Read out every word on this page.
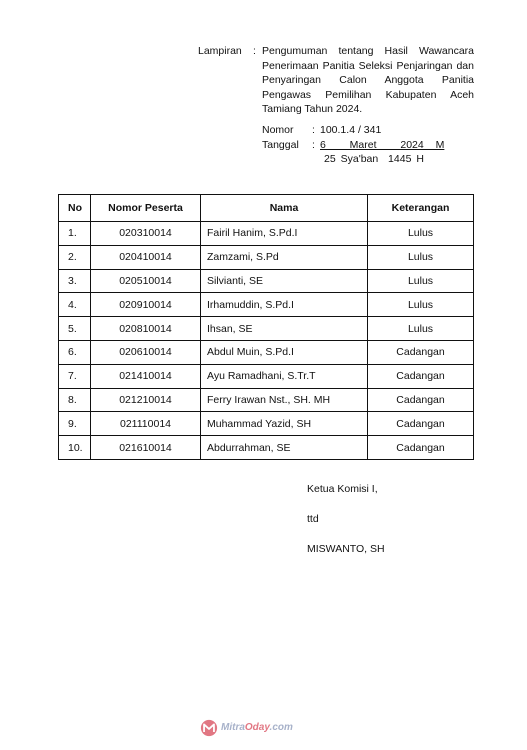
Lampiran	: Pengumuman tentang Hasil Wawancara Penerimaan Panitia Seleksi Penjaringan dan Penyaringan Calon Anggota Panitia Pengawas Pemilihan Kabupaten Aceh Tamiang Tahun 2024.
Nomor	: 100.1.4 / 341
Tanggal	: 6  Maret  2024 M
25 Sya'ban  1445 H
No	Nomor Peserta	Nama	Keterangan
1.	020310014	Fairil Hanim, S.Pd.I	Lulus
2.	020410014	Zamzami, S.Pd	Lulus
3.	020510014	Silvianti, SE	Lulus
4.	020910014	Irhamuddin, S.Pd.I	Lulus
5.	020810014	Ihsan, SE	Lulus
6.	020610014	Abdul Muin, S.Pd.I	Cadangan
7.	021410014	Ayu Ramadhani, S.Tr.T	Cadangan
8.	021210014	Ferry Irawan Nst., SH. MH	Cadangan
9.	021110014	Muhammad Yazid, SH	Cadangan
10.	021610014	Abdurrahman, SE	Cadangan
Ketua Komisi I,
ttd
MISWANTO, SH
MitraOday.com
